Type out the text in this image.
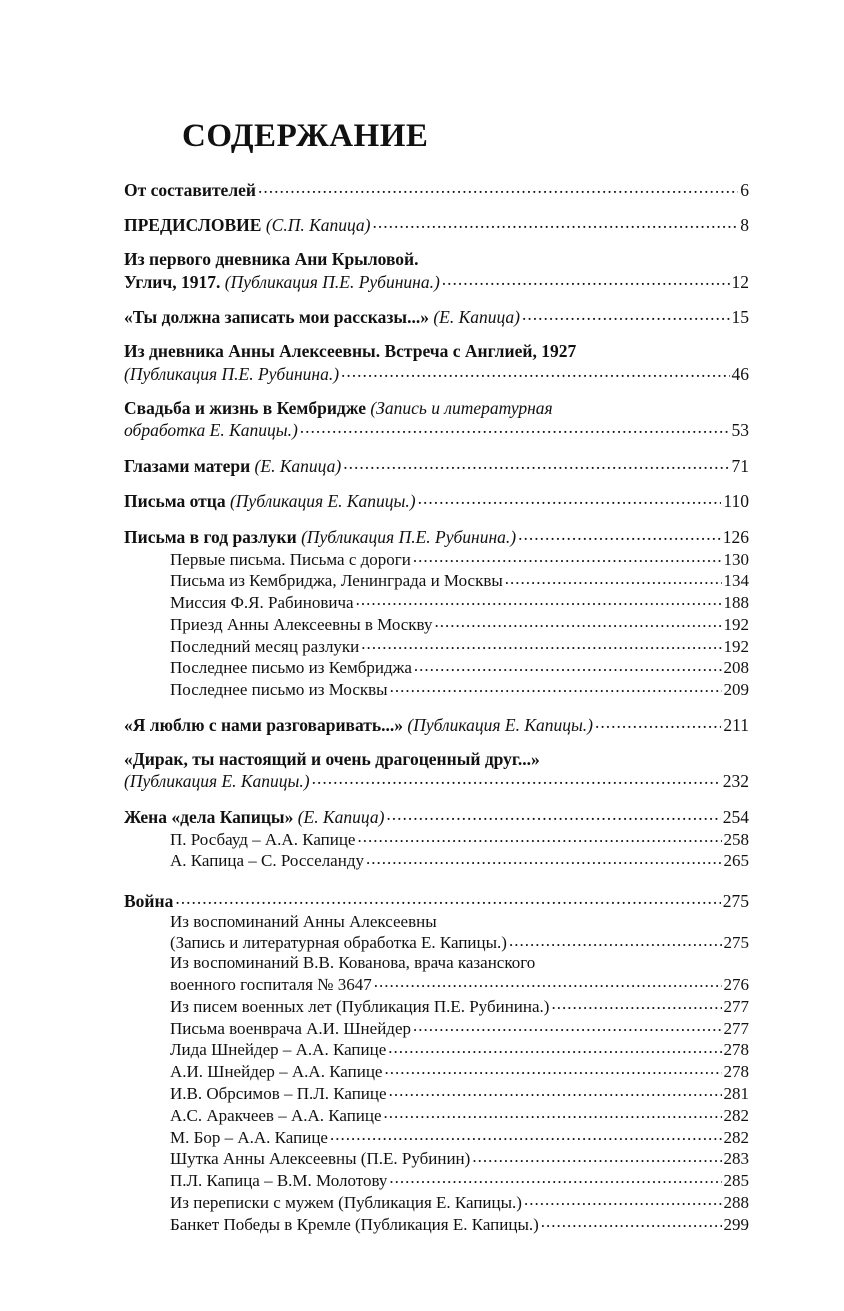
СОДЕРЖАНИЕ
От составителей .....	6
ПРЕДИСЛОВИЕ (С.П. Капица) .....	8
Из первого дневника Ани Крыловой.
Углич, 1917. (Публикация П.Е. Рубинина.) .....	12
«Ты должна записать мои рассказы...» (Е. Капица) .....	15
Из дневника Анны Алексеевны. Встреча с Англией, 1927
(Публикация П.Е. Рубинина.) .....	46
Свадьба и жизнь в Кембридже (Запись и литературная
обработка Е. Капицы.) .....	53
Глазами матери (Е. Капица) .....	71
Письма отца (Публикация Е. Капицы.) .....	110
Письма в год разлуки (Публикация П.Е. Рубинина.) .....	126
Первые письма. Письма с дороги .....	130
Письма из Кембриджа, Ленинграда и Москвы .....	134
Миссия Ф.Я. Рабиновича .....	188
Приезд Анны Алексеевны в Москву .....	192
Последний месяц разлуки .....	192
Последнее письмо из Кембриджа .....	208
Последнее письмо из Москвы .....	209
«Я люблю с нами разговаривать...» (Публикация Е. Капицы.) .....	211
«Дирак, ты настоящий и очень драгоценный друг...»
(Публикация Е. Капицы.) .....	232
Жена «дела Капицы» (Е. Капица) .....	254
П. Росбауд – А.А. Капице .....	258
А. Капица – С. Росселанду .....	265
Война .....	275
Из воспоминаний Анны Алексеевны
(Запись и литературная обработка Е. Капицы.) .....	275
Из воспоминаний В.В. Кованова, врача казанского
военного госпиталя № 3647 .....	276
Из писем военных лет (Публикация П.Е. Рубинина.) .....	277
Письма военврача А.И. Шнейдер .....	277
Лида Шнейдер – А.А. Капице .....	278
А.И. Шнейдер – А.А. Капице .....	278
И.В. Обрсимов – П.Л. Капице .....	281
А.С. Аракчеев – А.А. Капице .....	282
М. Бор – А.А. Капице .....	282
Шутка Анны Алексеевны (П.Е. Рубинин) .....	283
П.Л. Капица – В.М. Молотову .....	285
Из переписки с мужем (Публикация Е. Капицы.) .....	288
Банкет Победы в Кремле (Публикация Е. Капицы.) .....	299
